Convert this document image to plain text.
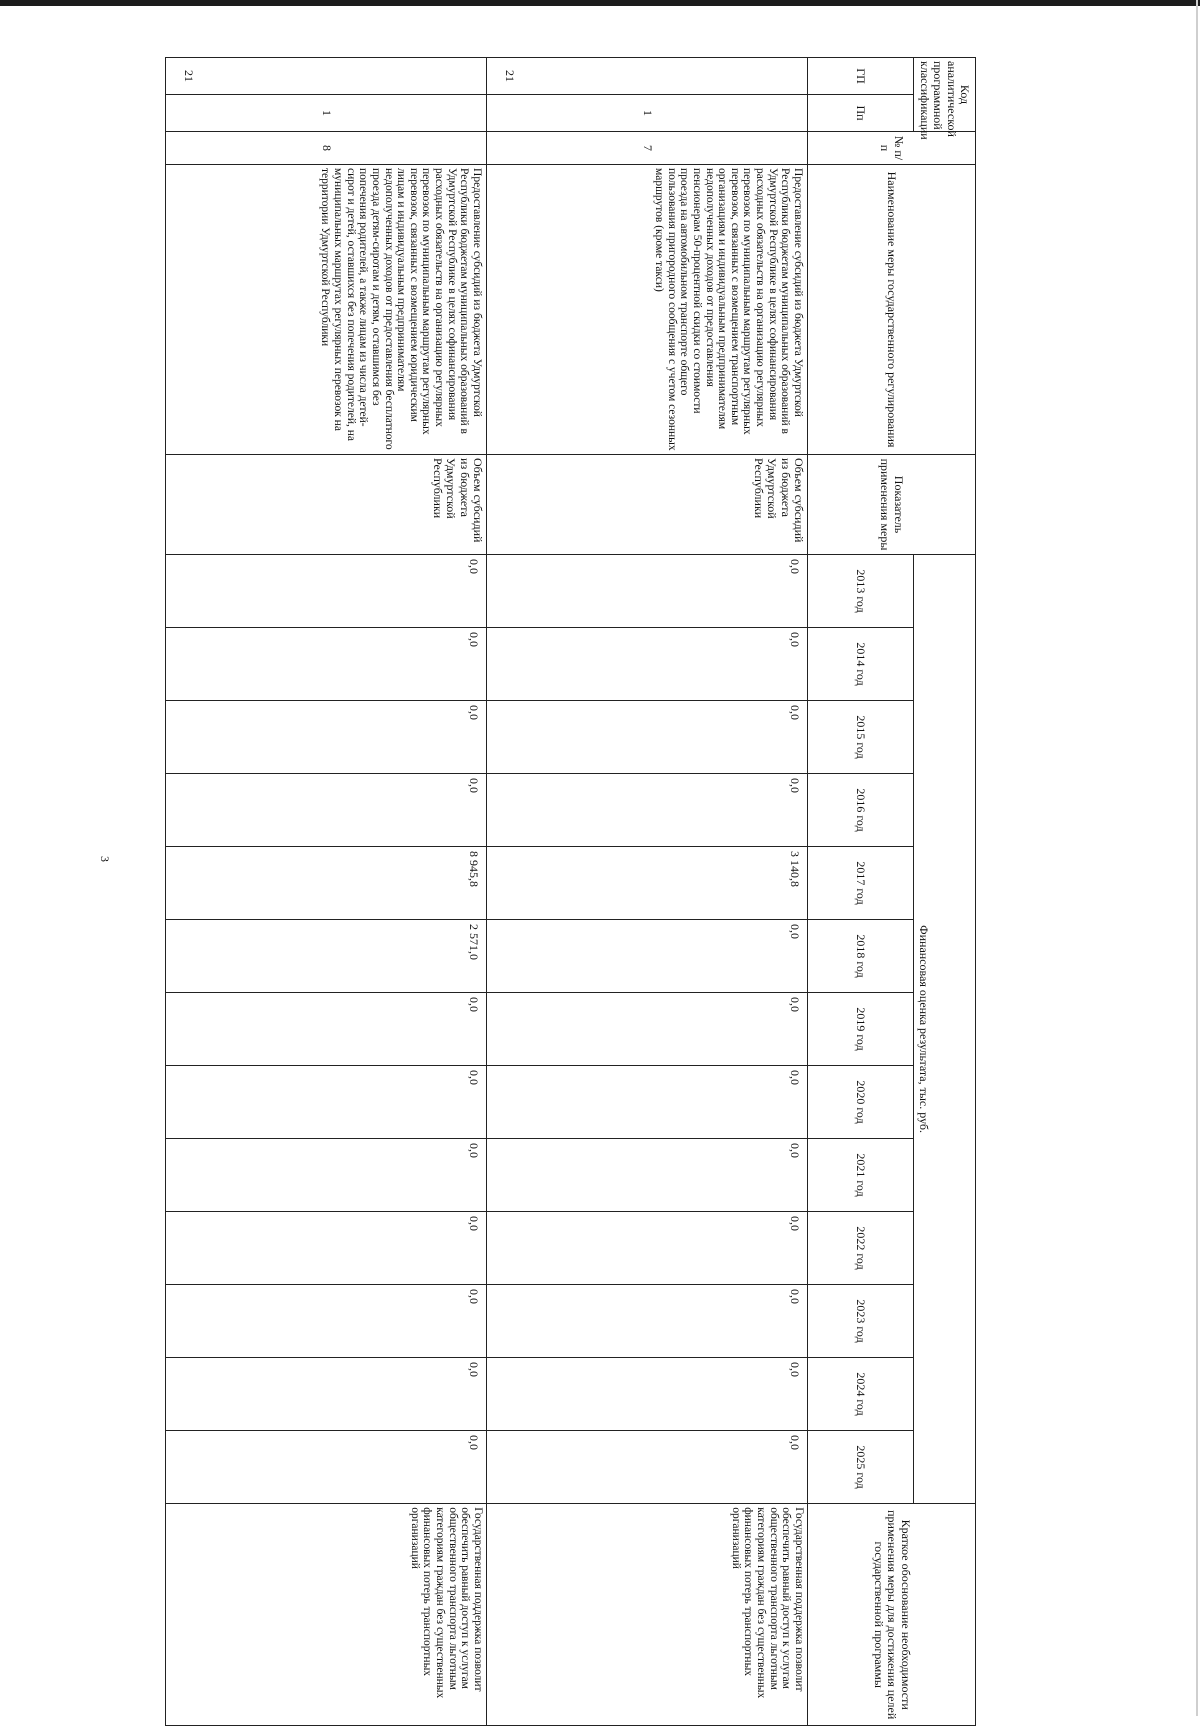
3
Код аналитической программной классификации		№ п/п	Наименование меры государственного регулирования	Показатель применения меры	Финансовая оценка результата, тыс. руб.													Краткое обоснование необходимости применения меры для достижения целей государственной программы
ГП	Пп				2013 год	2014 год	2015 год	2016 год	2017 год	2018 год	2019 год	2020 год	2021 год	2022 год	2023 год	2024 год	2025 год	

21	1	7	Предоставление субсидий из бюджета Удмуртской Республики бюджетам муниципальных образований в Удмуртской Республике в целях софинансирования расходных обязательств на организацию регулярных перевозок по муниципальным маршрутам регулярных перевозок, связанных с возмещением транспортным организациям и индивидуальным предпринимателям недополученных доходов от предоставления пенсионерам 50-процентной скидки со стоимости проезда на автомобильном транспорте общего пользования пригородного сообщения с учетом сезонных маршрутов (кроме такси)	Объем субсидий из бюджета Удмуртской Республики	0,0	0,0	0,0	0,0	3 140,8	0,0	0,0	0,0	0,0	0,0	0,0	0,0	0,0	Государственная поддержка позволит обеспечить равный доступ к услугам общественного транспорта льготным категориям граждан без существенных финансовых потерь транспортных организаций
21	1	8	Предоставление субсидий из бюджета Удмуртской Республики бюджетам муниципальных образований в Удмуртской Республике в целях софинансирования расходных обязательств на организацию регулярных перевозок по муниципальным маршрутам регулярных перевозок, связанных с возмещением юридическим лицам и индивидуальным предпринимателям недополученных доходов от предоставления бесплатного проезда детям-сиротам и детям, оставшимся без попечения родителей, а также лицам из числа детей-сирот и детей, оставшихся без попечения родителей, на муниципальных маршрутах регулярных перевозок на территории Удмуртской Республики	Объем субсидий из бюджета Удмуртской Республики	0,0	0,0	0,0	0,0	8 945,8	2 571,0	0,0	0,0	0,0	0,0	0,0	0,0	0,0	Государственная поддержка позволит обеспечить равный доступ к услугам общественного транспорта льготным категориям граждан без существенных финансовых потерь транспортных организаций
